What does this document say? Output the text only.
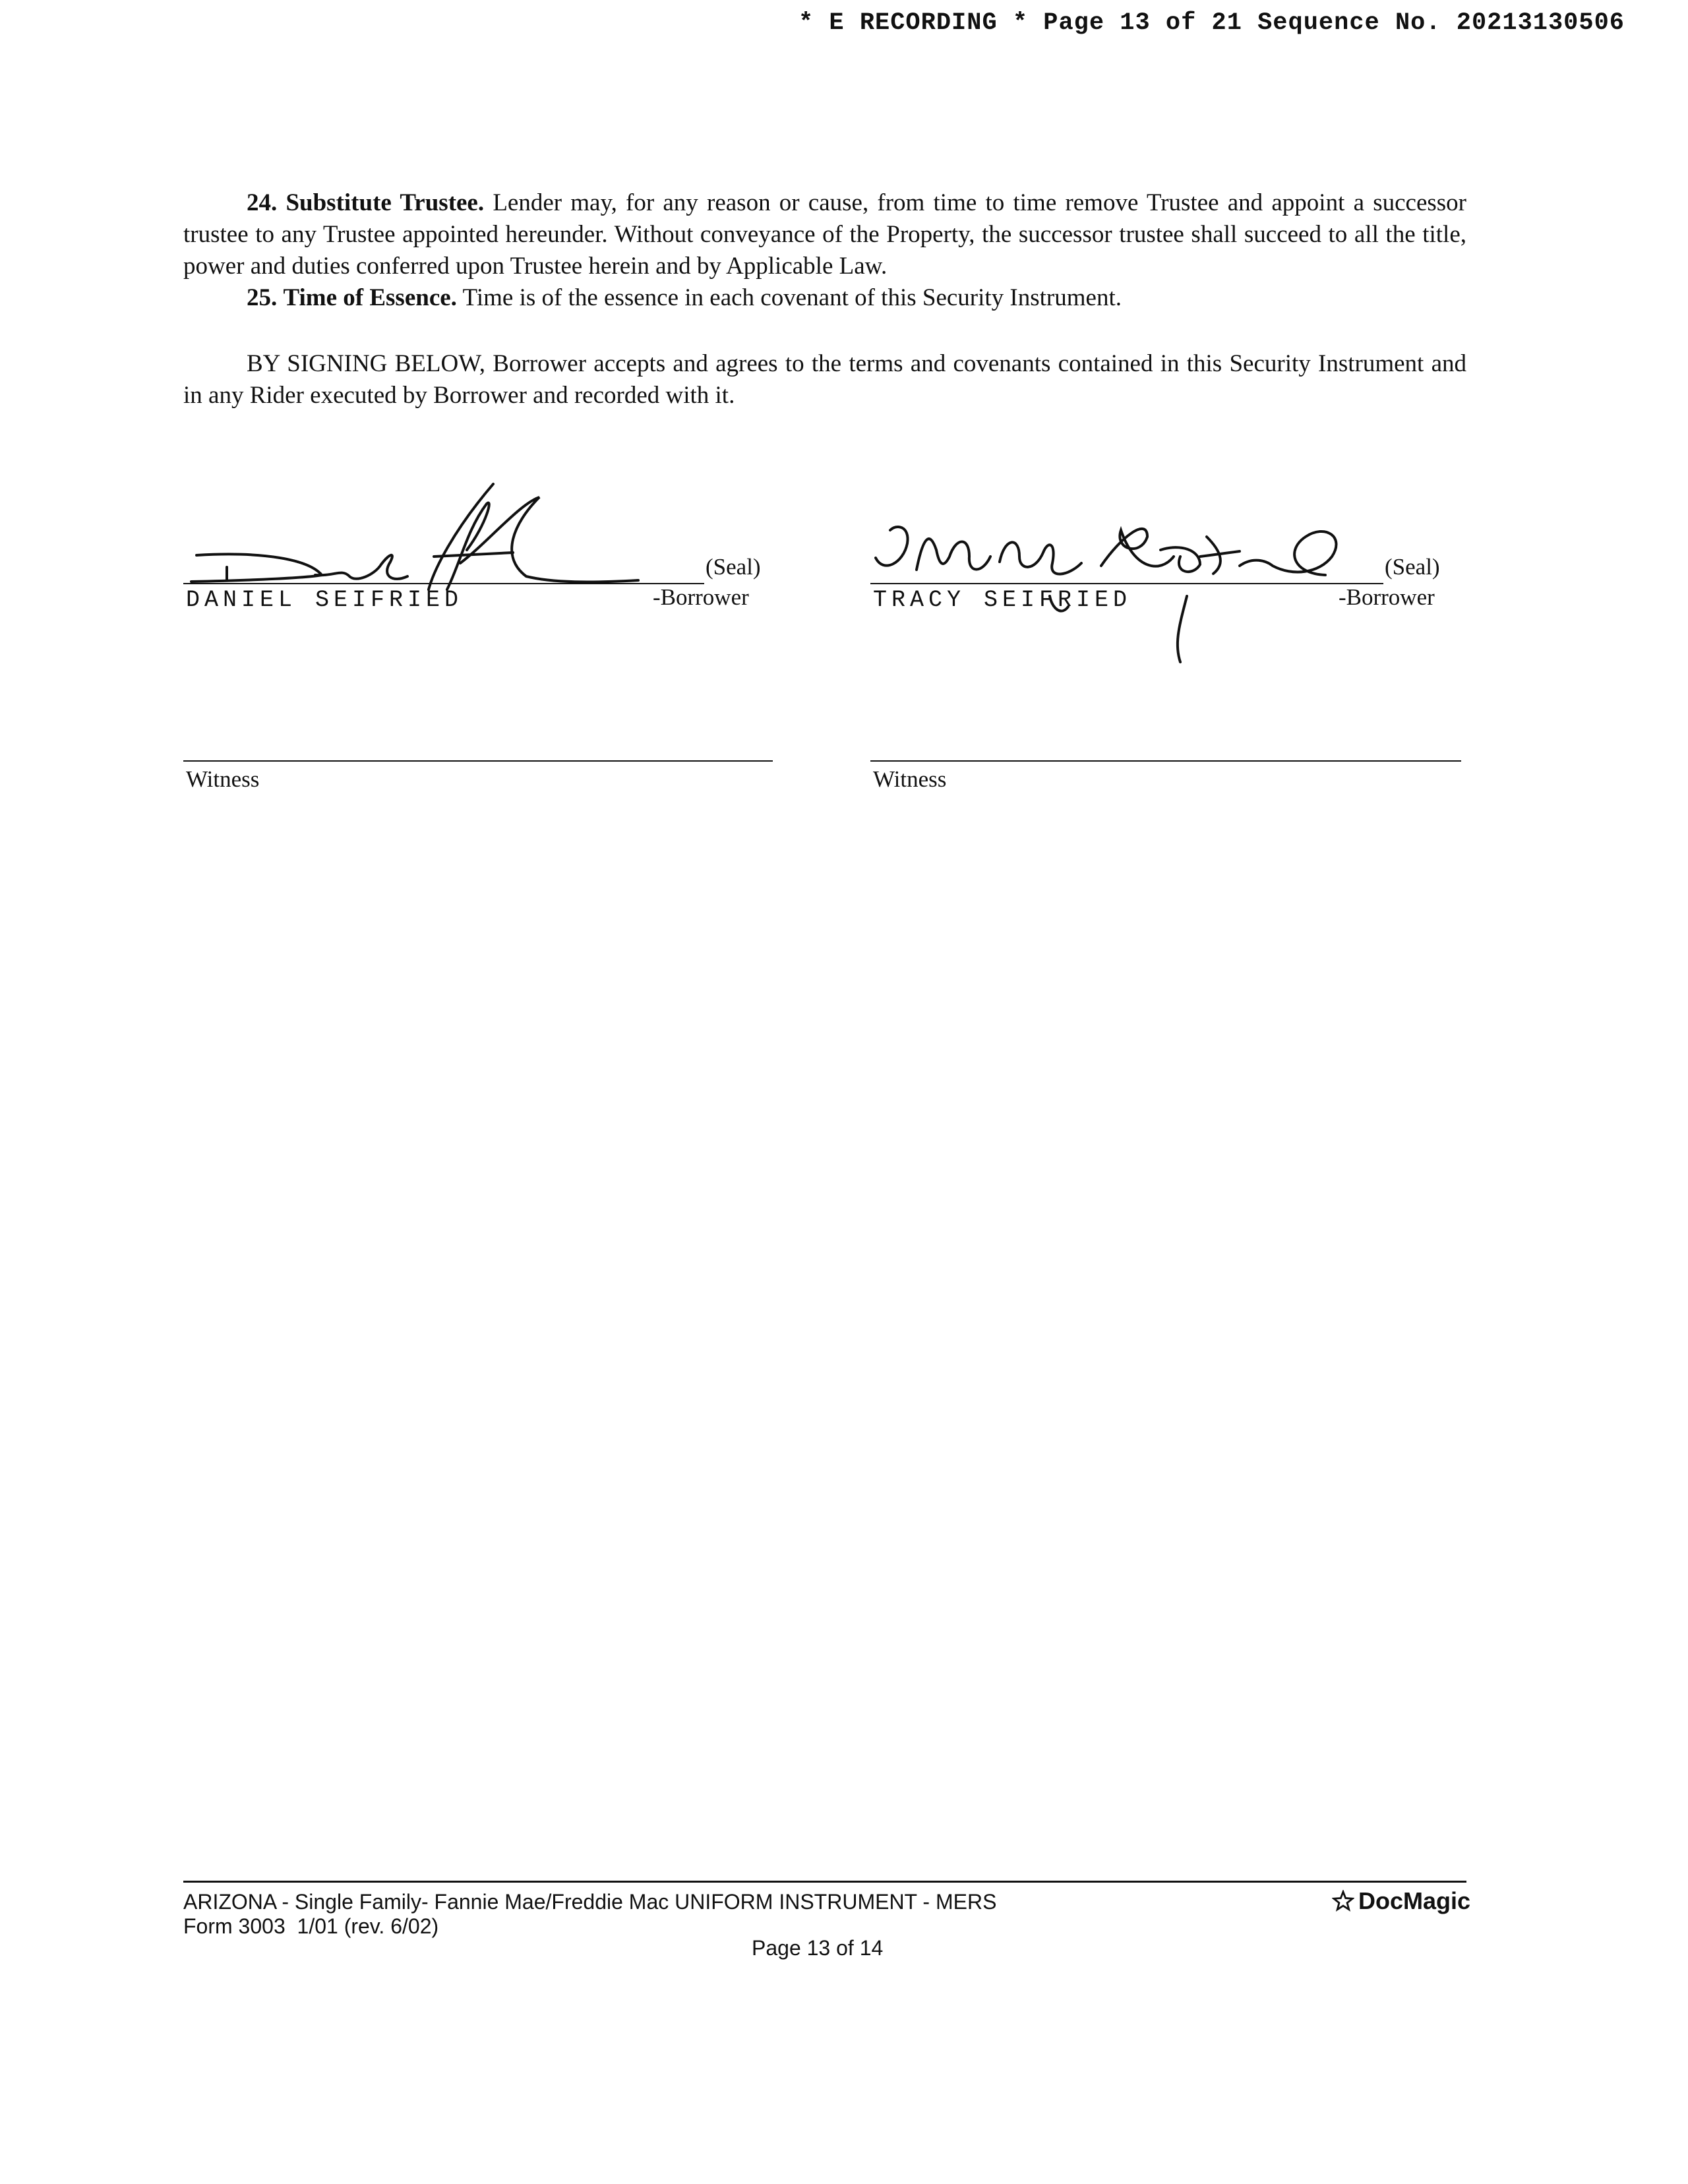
* E RECORDING * Page 13 of 21 Sequence No. 20213130506

24. Substitute Trustee. Lender may, for any reason or cause, from time to time remove Trustee and appoint a successor trustee to any Trustee appointed hereunder. Without conveyance of the Property, the successor trustee shall succeed to all the title, power and duties conferred upon Trustee herein and by Applicable Law.

25. Time of Essence. Time is of the essence in each covenant of this Security Instrument.

BY SIGNING BELOW, Borrower accepts and agrees to the terms and covenants contained in this Security Instrument and in any Rider executed by Borrower and recorded with it.

(Seal)
DANIEL SEIFRIED	-Borrower
(Seal)
TRACY SEIFRIED	-Borrower
Witness	Witness
ARIZONA - Single Family- Fannie Mae/Freddie Mac UNIFORM INSTRUMENT - MERS
Form 3003  1/01 (rev. 6/02)
Page 13 of 14
DocMagic
